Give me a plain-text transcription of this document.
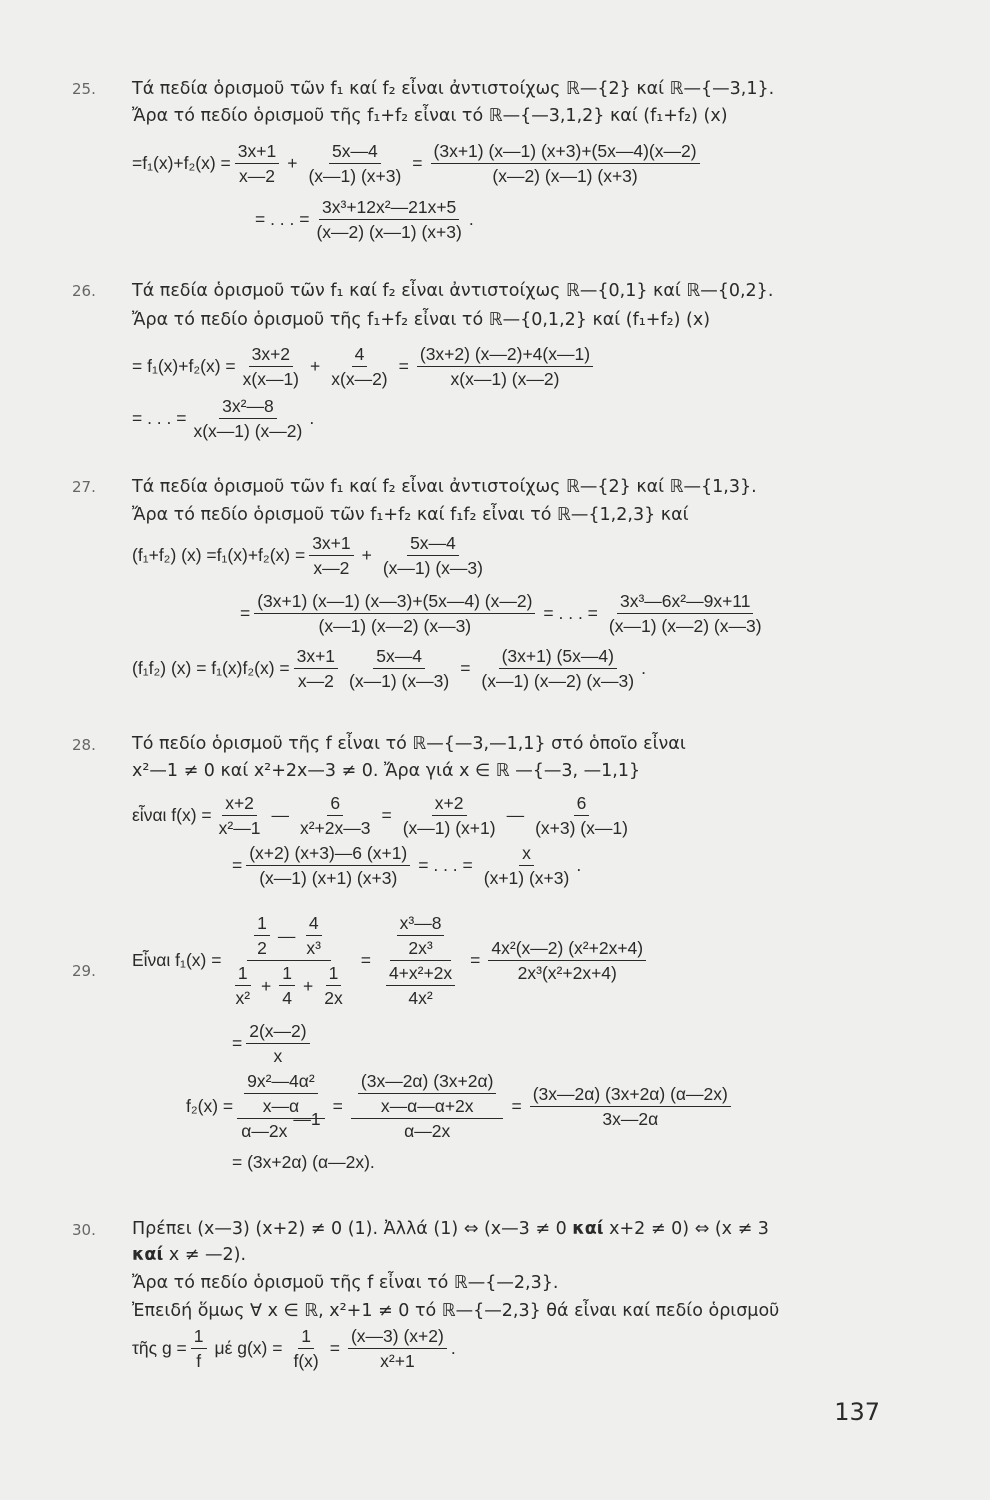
25. Τά πεδία ὁρισμοῦ τῶν f₁ καί f₂ εἶναι ἀντιστοίχως ℝ—{2} καί ℝ—{—3,1}.
Ἄρα τό πεδίο ὁρισμοῦ τῆς f₁+f₂ εἶναι τό ℝ—{—3,1,2} καί (f₁+f₂) (x)
$=f_1(x)+f_2(x) = \frac{3x+1}{x—2} + \frac{5x—4}{(x—1) (x+3)} = \frac{(3x+1) (x—1) (x+3)+(5x—4)(x—2)}{(x—2) (x—1) (x+3)}$
= . . . = $\frac{\text{3x³+12x²—21x+5}}{(x—2) (x—1) (x+3)}$ .
26. Τά πεδία ὁρισμοῦ τῶν f₁ καί f₂ εἶναι ἀντιστοίχως ℝ—{0,1} καί ℝ—{0,2}.
Ἄρα τό πεδίο ὁρισμοῦ τῆς f₁+f₂ εἶναι τό ℝ—{0,1,2} καί (f₁+f₂) (x)
= $f_1(x)+f_2(x) = \frac{3x+2}{x(x—1)} + \frac{4}{x(x—2)} = \frac{(3x+2) (x—2)+4(x—1)}{x(x—1) (x—2)}$
= . . . = $\frac{\text{3x²—8}}{x(x—1) (x—2)}$ .
27. Τά πεδία ὁρισμοῦ τῶν f₁ καί f₂ εἶναι ἀντιστοίχως ℝ—{2} καί ℝ—{1,3}.
Ἄρα τό πεδίο ὁρισμοῦ τῶν f₁+f₂ καί f₁f₂ εἶναι τό ℝ—{1,2,3} καί
(f₁+f₂) $(x) =f_1(x)+f_2(x) = \frac{3x+1}{x—2} + \frac{5x—4}{(x—1) (x—3)}$
= $\frac{(3x+1) (x—1) (x—3)+(5x—4) (x—2)}{(x—1) (x—2) (x—3)}$ = . . . = $\frac{\text{3x³—6x²—9x+11}}{(x—1) (x—2) (x—3)}$
(f₁f₂) $(x) = f_1(x)f_2(x) = \frac{3x+1}{x—2} \frac{5x—4}{(x—1) (x—3)} = \frac{(3x+1) (5x—4)}{(x—1) (x—2) (x—3)}$ .
28. Τό πεδίο ὁρισμοῦ τῆς f εἶναι τό ℝ—{—3,—1,1} στό ὁποῖο εἶναι
x²—1 ≠ 0 καί x²+2x—3 ≠ 0. Ἄρα γιά x ∈ ℝ —{—3, —1,1}
εἶναι $f(x) = \frac{x+2}{\text{x²—1}}$ — $\frac{6}{\text{x²+2x—3}} = \frac{x+2}{(x—1) (x+1)}$ — $\frac{6}{(x+3) (x—1)}$
= $\frac{(x+2) (x+3)—6 (x+1)}{(x—1) (x+1) (x+3)}$ = . . . = $\frac{x}{(x+1) (x+3)}$ .
29.
Εἶναι $f_1(x) = \frac{\frac{1}{2} — \frac{4}{\text{x³}}}{\frac{1}{\text{x²}} + \frac{1}{4} + \frac{1}{2x}} = \frac{\frac{\text{x³—8}}{\text{2x³}}}{\frac{\text{4+x²+2x}}{\text{4x²}}} = \frac{\text{4x²(x—2) (x²+2x+4)}}{\text{2x³(x²+2x+4)}}$
= $\frac{2(x—2)}{x}$
$f_2(x) = \frac{\text{9x²—4α²}}{x—\alpha}$
α—2x
—1 = $\frac{\frac{(3x—2\alpha) (3x+2\alpha)}{x—\alpha—\alpha+2x}}{\alpha—2x} = \frac{(3x—2\alpha) (3x+2\alpha) (\alpha—2x)}{3x—2\alpha}$
= (3x+2α) (α—2x).
30. Πρέπει (x—3) (x+2) ≠ 0 (1). Ἀλλά (1) ⇔ (x—3 ≠ 0 καί x+2 ≠ 0) ⇔ (x ≠ 3
καί x ≠ —2).
Ἄρα τό πεδίο ὁρισμοῦ τῆς f εἶναι τό ℝ—{—2,3}.
Ἐπειδή ὅμως ∀ x ∈ ℝ, x²+1 ≠ 0 τό ℝ—{—2,3} θά εἶναι καί πεδίο ὁρισμοῦ
τῆς $g = \frac{1}{f}$ μέ $g(x) = \frac{1}{f(x)} = \frac{(x—3) (x+2)}{\text{x²+1}}$ .
137
